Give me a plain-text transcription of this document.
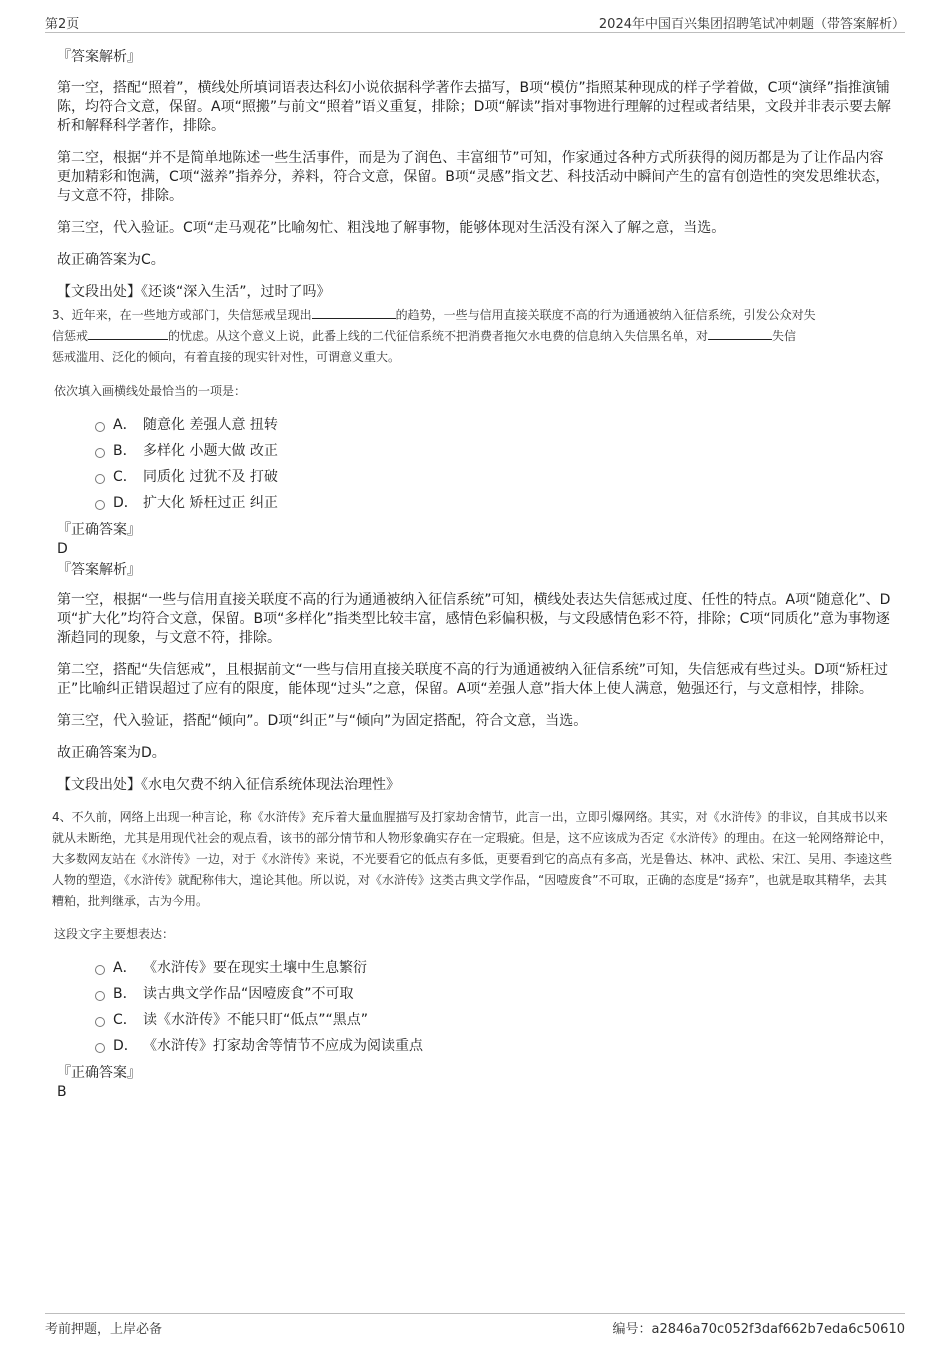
第2页	2024年中国百兴集团招聘笔试冲刺题（带答案解析）
『答案解析』
第一空，搭配“照着”，横线处所填词语表达科幻小说依据科学著作去描写，B项“模仿”指照某种现成的样子学着做，C项“演绎”指推演铺陈，均符合文意，保留。A项“照搬”与前文“照着”语义重复，排除；D项“解读”指对事物进行理解的过程或者结果，文段并非表示要去解析和解释科学著作，排除。
第二空，根据“并不是简单地陈述一些生活事件，而是为了润色、丰富细节”可知，作家通过各种方式所获得的阅历都是为了让作品内容更加精彩和饱满，C项“滋养”指养分，养料，符合文意，保留。B项“灵感”指文艺、科技活动中瞬间产生的富有创造性的突发思维状态，与文意不符，排除。
第三空，代入验证。C项“走马观花”比喻匆忙、粗浅地了解事物，能够体现对生活没有深入了解之意，当选。
故正确答案为C。
【文段出处】《还谈“深入生活”，过时了吗》
3、近年来，在一些地方或部门，失信惩戒呈现出	的趋势，一些与信用直接关联度不高的行为通通被纳入征信系统，引发公众对失
信惩戒	的忧虑。从这个意义上说，此番上线的二代征信系统不把消费者拖欠水电费的信息纳入失信黑名单，对	失信
惩戒滥用、泛化的倾向，有着直接的现实针对性，可谓意义重大。
依次填入画横线处最恰当的一项是：
A． 随意化 差强人意 扭转
B． 多样化 小题大做 改正
C． 同质化 过犹不及 打破
D． 扩大化 矫枉过正 纠正
『正确答案』
D
『答案解析』
第一空，根据“一些与信用直接关联度不高的行为通通被纳入征信系统”可知，横线处表达失信惩戒过度、任性的特点。A项“随意化”、D项“扩大化”均符合文意，保留。B项“多样化”指类型比较丰富，感情色彩偏积极，与文段感情色彩不符，排除；C项“同质化”意为事物逐渐趋同的现象，与文意不符，排除。
第二空，搭配“失信惩戒”，且根据前文“一些与信用直接关联度不高的行为通通被纳入征信系统”可知，失信惩戒有些过头。D项“矫枉过正”比喻纠正错误超过了应有的限度，能体现“过头”之意，保留。A项“差强人意”指大体上使人满意，勉强还行，与文意相悖，排除。
第三空，代入验证，搭配“倾向”。D项“纠正”与“倾向”为固定搭配，符合文意，当选。
故正确答案为D。
【文段出处】《水电欠费不纳入征信系统体现法治理性》
4、不久前，网络上出现一种言论，称《水浒传》充斥着大量血腥描写及打家劫舍情节，此言一出，立即引爆网络。其实，对《水浒传》的非议，自其成书以来就从未断绝，尤其是用现代社会的观点看，该书的部分情节和人物形象确实存在一定瑕疵。但是，这不应该成为否定《水浒传》的理由。在这一轮网络辩论中，大多数网友站在《水浒传》一边，对于《水浒传》来说，不光要看它的低点有多低，更要看到它的高点有多高，光是鲁达、林冲、武松、宋江、吴用、李逵这些人物的塑造，《水浒传》就配称伟大，遑论其他。所以说，对《水浒传》这类古典文学作品，“因噎废食”不可取，正确的态度是“扬弃”，也就是取其精华，去其糟粕，批判继承，古为今用。
这段文字主要想表达：
A． 《水浒传》要在现实土壤中生息繁衍
B． 读古典文学作品“因噎废食”不可取
C． 读《水浒传》不能只盯“低点”“黑点”
D． 《水浒传》打家劫舍等情节不应成为阅读重点
『正确答案』
B
考前押题，上岸必备	编号：a2846a70c052f3daf662b7eda6c50610
